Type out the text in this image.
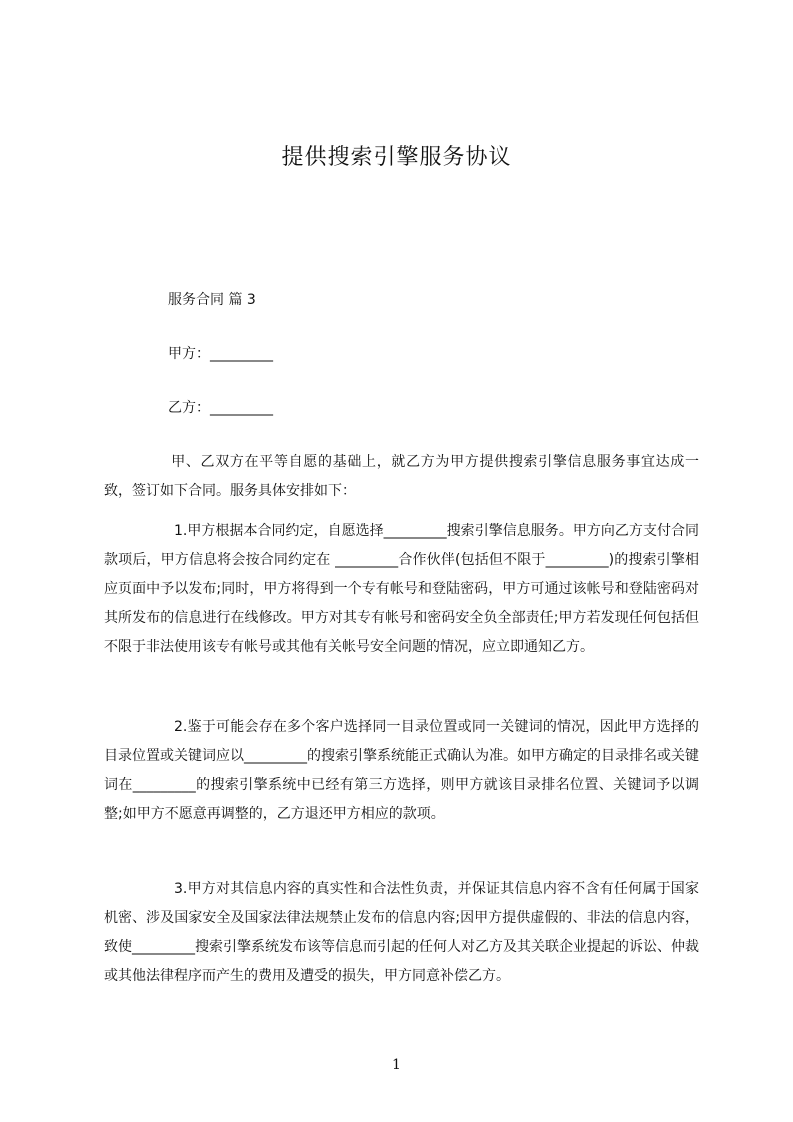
提供搜索引擎服务协议
服务合同 篇 3
甲方：_________
乙方：_________
甲、乙双方在平等自愿的基础上，就乙方为甲方提供搜索引擎信息服务事宜达成一致，签订如下合同。服务具体安排如下：
1.甲方根据本合同约定，自愿选择_________搜索引擎信息服务。甲方向乙方支付合同款项后，甲方信息将会按合同约定在 _________合作伙伴(包括但不限于_________)的搜索引擎相应页面中予以发布;同时，甲方将得到一个专有帐号和登陆密码，甲方可通过该帐号和登陆密码对其所发布的信息进行在线修改。甲方对其专有帐号和密码安全负全部责任;甲方若发现任何包括但不限于非法使用该专有帐号或其他有关帐号安全问题的情况，应立即通知乙方。
2.鉴于可能会存在多个客户选择同一目录位置或同一关键词的情况，因此甲方选择的目录位置或关键词应以_________的搜索引擎系统能正式确认为准。如甲方确定的目录排名或关键词在_________的搜索引擎系统中已经有第三方选择，则甲方就该目录排名位置、关键词予以调整;如甲方不愿意再调整的，乙方退还甲方相应的款项。
3.甲方对其信息内容的真实性和合法性负责，并保证其信息内容不含有任何属于国家机密、涉及国家安全及国家法律法规禁止发布的信息内容;因甲方提供虚假的、非法的信息内容，致使_________搜索引擎系统发布该等信息而引起的任何人对乙方及其关联企业提起的诉讼、仲裁或其他法律程序而产生的费用及遭受的损失，甲方同意补偿乙方。
1
